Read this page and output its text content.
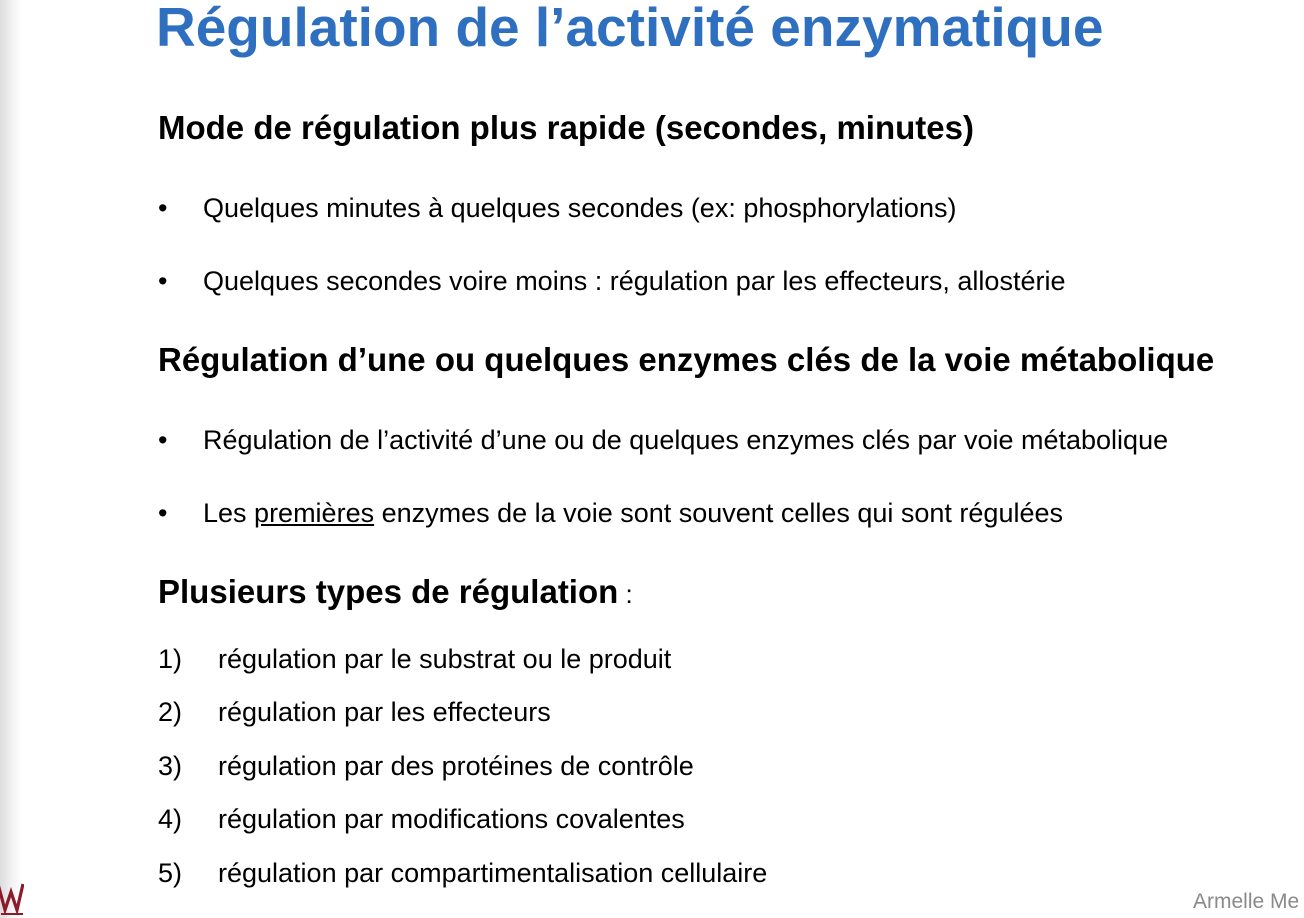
Régulation de l’activité enzymatique
Mode de régulation plus rapide (secondes, minutes)
• Quelques minutes à quelques secondes (ex: phosphorylations)
• Quelques secondes voire moins : régulation par les effecteurs, allostérie
Régulation d’une ou quelques enzymes clés de la voie métabolique
• Régulation de l’activité d’une ou de quelques enzymes clés par voie métabolique
• Les premières enzymes de la voie sont souvent celles qui sont régulées
Plusieurs types de régulation :
1) régulation par le substrat ou le produit
2) régulation par les effecteurs
3) régulation par des protéines de contrôle
4) régulation par modifications covalentes
5) régulation par compartimentalisation cellulaire
Armelle Me
